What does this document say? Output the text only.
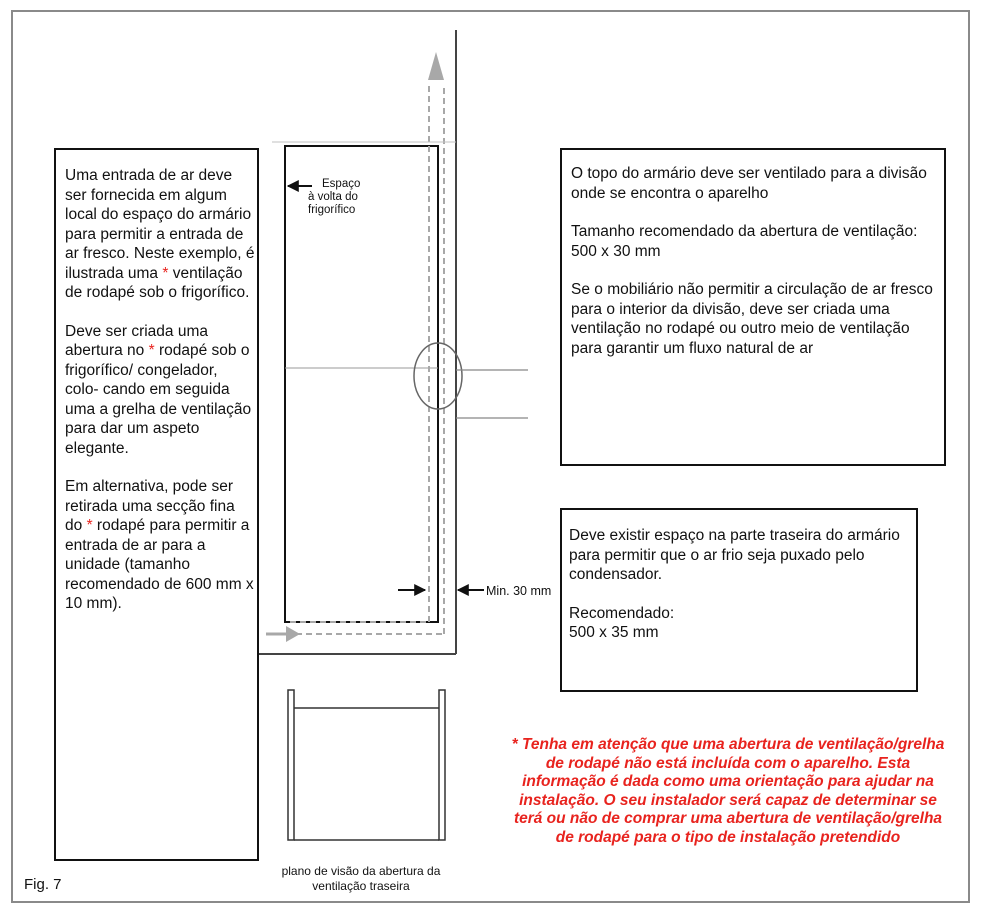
Uma entrada de ar deve ser fornecida em algum local do espaço do armário para permitir a entrada de ar fresco. Neste exemplo, é ilustrada uma * ventilação de rodapé sob o frigorífico.

Deve ser criada uma abertura no * rodapé sob o frigorífico/ congelador, colo- cando em seguida uma a grelha de ventilação para dar um aspeto elegante.

Em alternativa, pode ser retirada uma secção fina do * rodapé para permitir a entrada de ar para a unidade (tamanho recomendado de 600 mm x 10 mm).

O topo do armário deve ser ventilado para a divisão onde se encontra o aparelho

Tamanho recomendado da abertura de ventilação:

500 x 30 mm

Se o mobiliário não permitir a circulação de ar fresco para o interior da divisão, deve ser criada uma ventilação no rodapé ou outro meio de ventilação para garantir um fluxo natural de ar

Deve existir espaço na parte traseira do armário para permitir que o ar frio seja puxado pelo condensador.

Recomendado:

500 x 35 mm

Espaço
à volta do
frigorífico
Min. 30 mm
plano de visão da abertura da
ventilação traseira
* Tenha em atenção que uma abertura de ventilação/grelha de rodapé não está incluída com o aparelho. Esta informação é dada como uma orientação para ajudar na instalação. O seu instalador será capaz de determinar se terá ou não de comprar uma abertura de ventilação/grelha de rodapé para o tipo de instalação pretendido
Fig. 7
